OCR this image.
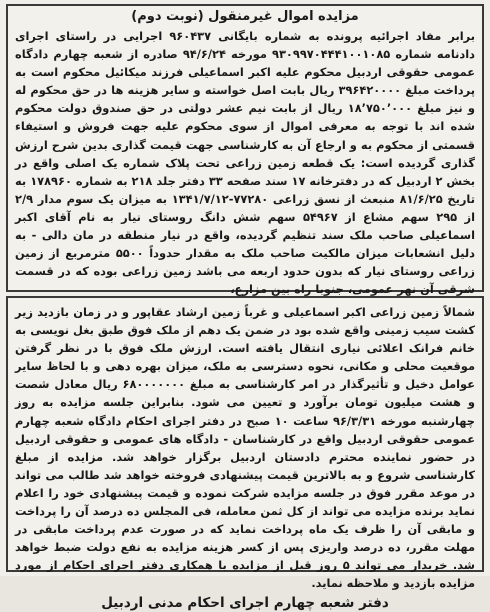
مزایده اموال غیرمنقول (نوبت دوم)

برابر مفاد اجرائیه پرونده به شماره بایگانی ۹۶۰۴۳۷ اجرایی در راستای اجرای دادنامه شماره ۹۳۰۹۹۷۰۴۴۴۱۰۰۱۰۸۵ مورخه ۹۴/۶/۲۴ صادره از شعبه چهارم دادگاه عمومی حقوقی اردبیل محکوم علیه اکبر اسماعیلی فرزند میکائیل محکوم است به پرداخت مبلغ ۳۹۶۴۲۰۰۰۰ ریال بابت اصل خواسته و سایر هزینه ها در حق محکوم له و نیز مبلغ ۱۸٬۷۵۰٬۰۰۰ ریال از بابت نیم عشر دولتی در حق صندوق دولت محکوم شده اند با توجه به معرفی اموال از سوی محکوم علیه جهت فروش و استیفاء قسمتی از محکوم به و ارجاع آن به کارشناسی جهت قیمت گذاری بدین شرح ارزش گذاری گردیده است: یک قطعه زمین زراعی تحت پلاک شماره یک اصلی واقع در بخش ۲ اردبیل که در دفترخانه ۱۷ سند صفحه ۳۳ دفتر جلد ۲۱۸ به شماره ۱۷۸۹۶۰ به تاریخ ۸۱/۶/۲۵ منبعث از نسق زراعی ۷۷۲۸۰-۱۳۴۱/۷/۱۲ به میزان یک سوم مدار ۲/۹ از ۲۹۵ سهم مشاع از ۵۴۹۶۷ سهم شش دانگ روستای نیار به نام آقای اکبر اسماعیلی صاحب ملک سند تنظیم گردیده، واقع در نیار منطقه در مان دالی - به دلیل انشعابات میزان مالکیت صاحب ملک به مقدار حدوداً ۵۵۰۰ مترمربع از زمین زراعی روستای نیار که بدون حدود اربعه می باشد زمین زراعی بوده که در قسمت شرقی آن نهر عمومی، جنوبا راه بین مزارع،

شمالاً زمین زراعی اکبر اسماعیلی و غرباً زمین ارشاد عقاپور و در زمان بازدید زیر کشت سیب زمینی واقع شده بود در ضمن یک دهم از ملک فوق طبق بغل نویسی به خانم فرانک اعلائی نیاری انتقال یافته است. ارزش ملک فوق با در نظر گرفتن موقعیت محلی و مکانی، نحوه دسترسی به ملک، میزان بهره دهی و با لحاظ سایر عوامل دخیل و تأثیرگذار در امر کارشناسی به مبلغ ۶۸۰۰۰۰۰۰۰ ریال معادل شصت و هشت میلیون تومان برآورد و تعیین می شود. بنابراین جلسه مزایده به روز چهارشنبه مورخه ۹۶/۳/۳۱ ساعت ۱۰ صبح در دفتر اجرای احکام دادگاه شعبه چهارم عمومی حقوقی اردبیل واقع در کارشناسان - دادگاه های عمومی و حقوقی اردبیل در حضور نماینده محترم دادستان اردبیل برگزار خواهد شد. مزایده از مبلغ کارشناسی شروع و به بالاترین قیمت پیشنهادی فروخته خواهد شد طالب می تواند در موعد مقرر فوق در جلسه مزایده شرکت نموده و قیمت پیشنهادی خود را اعلام نماید برنده مزایده می تواند از کل ثمن معامله، فی المجلس ده درصد آن را پرداخت و مابقی آن را ظرف یک ماه پرداخت نماید که در صورت عدم پرداخت مابقی در مهلت مقرر، ده درصد واریزی پس از کسر هزینه مزایده به نفع دولت ضبط خواهد شد. خریدار می تواند ۵ روز قبل از مزایده با همکاری دفتر اجرای احکام از مورد مزایده بازدید و ملاحظه نماید.

دفتر شعبه چهارم اجرای احکام مدنی اردبیل
